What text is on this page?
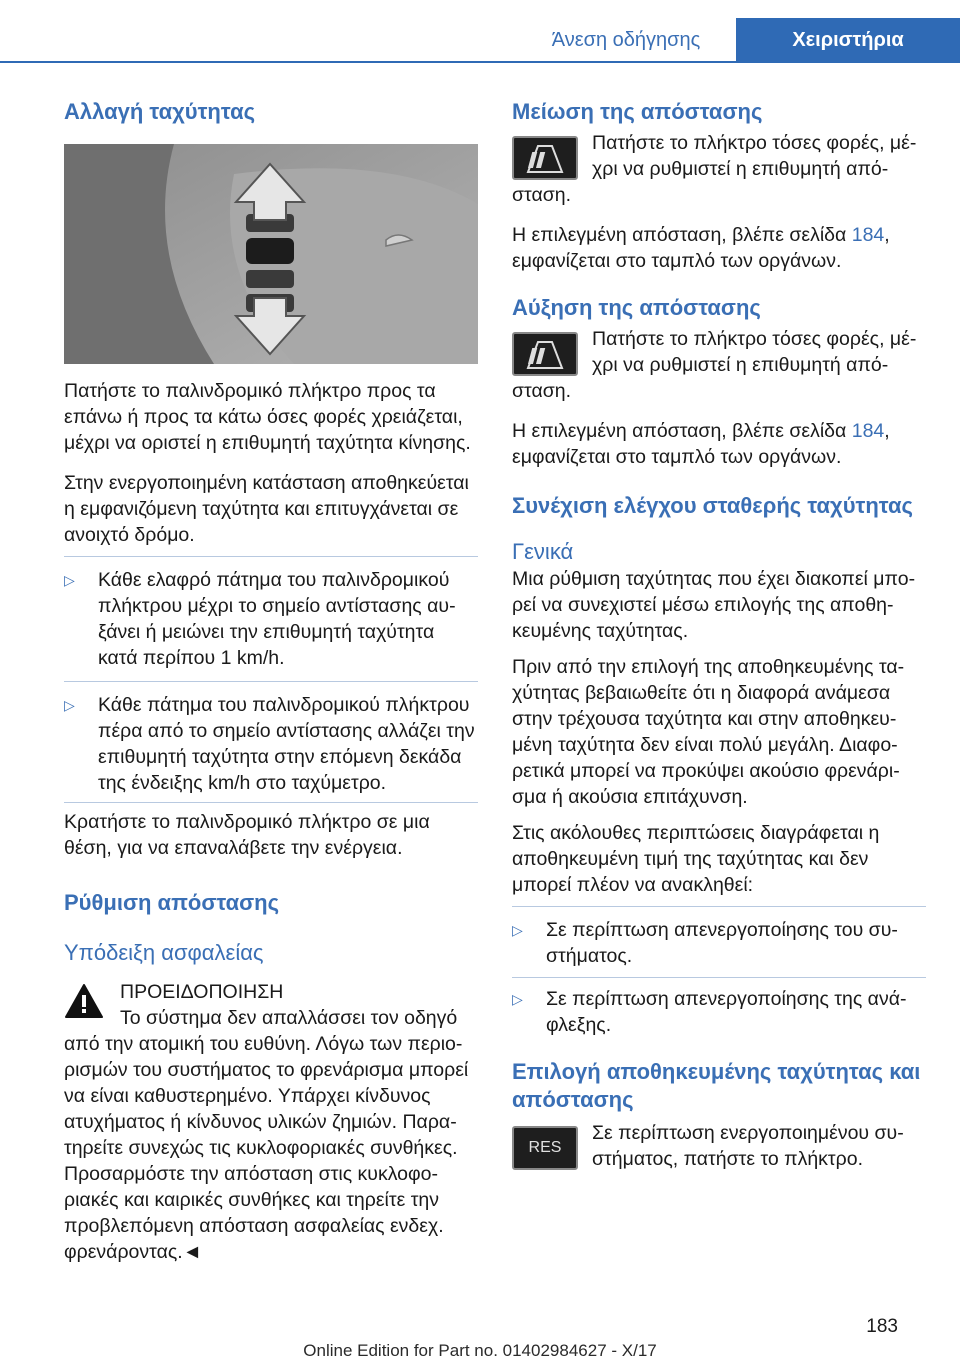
Άνεση οδήγησης	Χειριστήρια
Αλλαγή ταχύτητας

Πατήστε το παλινδρομικό πλήκτρο προς τα επάνω ή προς τα κάτω όσες φορές χρειάζεται, μέχρι να οριστεί η επιθυμητή ταχύτητα κίνησης.

Στην ενεργοποιημένη κατάσταση αποθηκεύεται η εμφανιζόμενη ταχύτητα και επιτυγχάνεται σε ανοιχτό δρόμο.

▷ Κάθε ελαφρό πάτημα του παλινδρομικού πλήκτρου μέχρι το σημείο αντίστασης αυξάνει ή μειώνει την επιθυμητή ταχύτητα κατά περίπου 1 km/h.
▷ Κάθε πάτημα του παλινδρομικού πλήκτρου πέρα από το σημείο αντίστασης αλλάζει την επιθυμητή ταχύτητα στην επόμενη δεκάδα της ένδειξης km/h στο ταχύμετρο.

Κρατήστε το παλινδρομικό πλήκτρο σε μια θέση, για να επαναλάβετε την ενέργεια.

Ρύθμιση απόστασης
Υπόδειξη ασφαλείας

ΠΡΟΕΙΔΟΠΟΙΗΣΗ

Το σύστημα δεν απαλλάσσει τον οδηγό από την ατομική του ευθύνη. Λόγω των περιορισμών του συστήματος το φρενάρισμα μπορεί να είναι καθυστερημένο. Υπάρχει κίνδυνος ατυχήματος ή κίνδυνος υλικών ζημιών. Παρατηρείτε συνεχώς τις κυκλοφοριακές συνθήκες. Προσαρμόστε την απόσταση στις κυκλοφοριακές και καιρικές συνθήκες και τηρείτε την προβλεπόμενη απόσταση ασφαλείας ενδεχ. φρενάροντας.◄

Μείωση της απόστασης

Πατήστε το πλήκτρο τόσες φορές, μέχρι να ρυθμιστεί η επιθυμητή απόσταση.

Η επιλεγμένη απόσταση, βλέπε σελίδα 184, εμφανίζεται στο ταμπλό των οργάνων.

Αύξηση της απόστασης

Πατήστε το πλήκτρο τόσες φορές, μέχρι να ρυθμιστεί η επιθυμητή απόσταση.

Η επιλεγμένη απόσταση, βλέπε σελίδα 184, εμφανίζεται στο ταμπλό των οργάνων.

Συνέχιση ελέγχου σταθερής ταχύτητας
Γενικά

Μια ρύθμιση ταχύτητας που έχει διακοπεί μπορεί να συνεχιστεί μέσω επιλογής της αποθηκευμένης ταχύτητας.

Πριν από την επιλογή της αποθηκευμένης ταχύτητας βεβαιωθείτε ότι η διαφορά ανάμεσα στην τρέχουσα ταχύτητα και στην αποθηκευμένη ταχύτητα δεν είναι πολύ μεγάλη. Διαφορετικά μπορεί να προκύψει ακούσιο φρενάρισμα ή ακούσια επιτάχυνση.

Στις ακόλουθες περιπτώσεις διαγράφεται η αποθηκευμένη τιμή της ταχύτητας και δεν μπορεί πλέον να ανακληθεί:

▷ Σε περίπτωση απενεργοποίησης του συστήματος.
▷ Σε περίπτωση απενεργοποίησης της ανάφλεξης.
Επιλογή αποθηκευμένης ταχύτητας και απόστασης
RES

Σε περίπτωση ενεργοποιημένου συστήματος, πατήστε το πλήκτρο.

183
Online Edition for Part no. 01402984627 - X/17
